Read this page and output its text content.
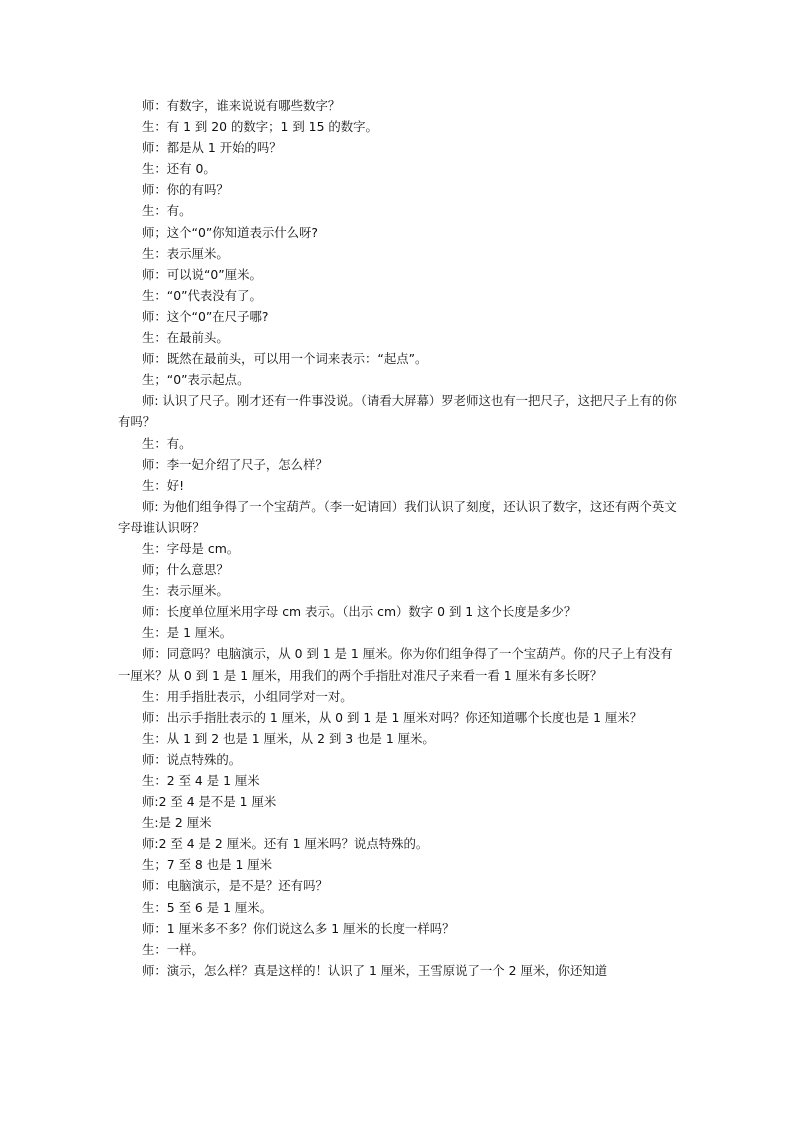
师：有数字，谁来说说有哪些数字？

生：有 1 到 20 的数字；1 到 15 的数字。

师：都是从 1 开始的吗？

生：还有 0。

师：你的有吗？

生：有。

师；这个“0”你知道表示什么呀?

生：表示厘米。

师：可以说“0”厘米。

生：“0”代表没有了。

师：这个“0”在尺子哪?

生：在最前头。

师：既然在最前头，可以用一个词来表示：“起点”。

生；“0”表示起点。

师: 认识了尺子。刚才还有一件事没说。（请看大屏幕）罗老师这也有一把尺子，这把尺子上有的你有吗？

生：有。

师：李一妃介绍了尺子，怎么样？

生：好!

师: 为他们组争得了一个宝葫芦。（李一妃请回）我们认识了刻度，还认识了数字，这还有两个英文字母谁认识呀？

生：字母是 cm。

师；什么意思？

生：表示厘米。

师：长度单位厘米用字母 cm 表示。（出示 cm）数字 0 到 1 这个长度是多少？

生：是 1 厘米。

师：同意吗？电脑演示，从 0 到 1 是 1 厘米。你为你们组争得了一个宝葫芦。你的尺子上有没有一厘米？从 0 到 1 是 1 厘米，用我们的两个手指肚对准尺子来看一看 1 厘米有多长呀？

生：用手指肚表示，小组同学对一对。

师：出示手指肚表示的 1 厘米，从 0 到 1 是 1 厘米对吗？你还知道哪个长度也是 1 厘米？

生：从 1 到 2 也是 1 厘米，从 2 到 3 也是 1 厘米。

师：说点特殊的。

生：2 至 4 是 1 厘米

师:2 至 4 是不是 1 厘米

生:是 2 厘米

师:2 至 4 是 2 厘米。还有 1 厘米吗？说点特殊的。

生；7 至 8 也是 1 厘米

师：电脑演示，是不是？还有吗？

生：5 至 6 是 1 厘米。

师：1 厘米多不多？你们说这么多 1 厘米的长度一样吗？

生：一样。

师：演示，怎么样？真是这样的！认识了 1 厘米，王雪原说了一个 2 厘米，你还知道
